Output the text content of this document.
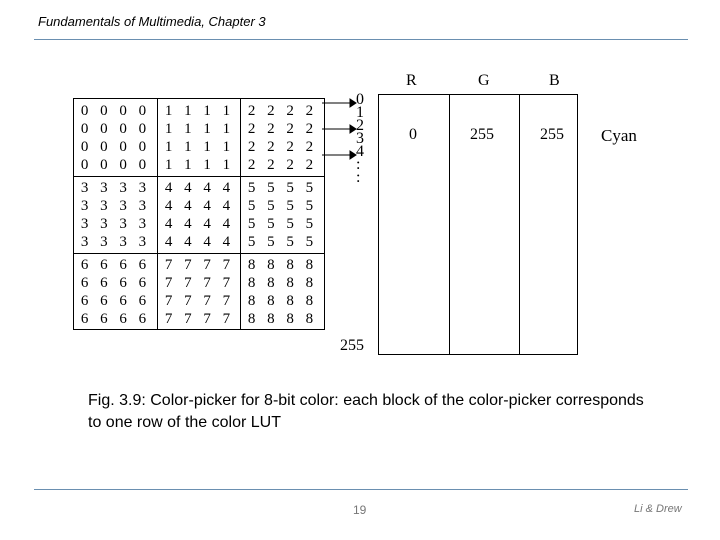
Fundamentals of Multimedia, Chapter 3
0 0 0 0 1 1 1 1 2 2 2 2
0 0 0 0 1 1 1 1 2 2 2 2
0 0 0 0 1 1 1 1 2 2 2 2
0 0 0 0 1 1 1 1 2 2 2 2
3 3 3 3 4 4 4 4 5 5 5 5
3 3 3 3 4 4 4 4 5 5 5 5
3 3 3 3 4 4 4 4 5 5 5 5
3 3 3 3 4 4 4 4 5 5 5 5
6 6 6 6 7 7 7 7 8 8 8 8
6 6 6 6 7 7 7 7 8 8 8 8
6 6 6 6 7 7 7 7 8 8 8 8
6 6 6 6 7 7 7 7 8 8 8 8
0
1
2
3
4
:
:
255
R	G	B
0	255	255 Cyan
Fig. 3.9: Color-picker for 8-bit color: each block of the color-picker corresponds to one row of the color LUT
19	Li & Drew
